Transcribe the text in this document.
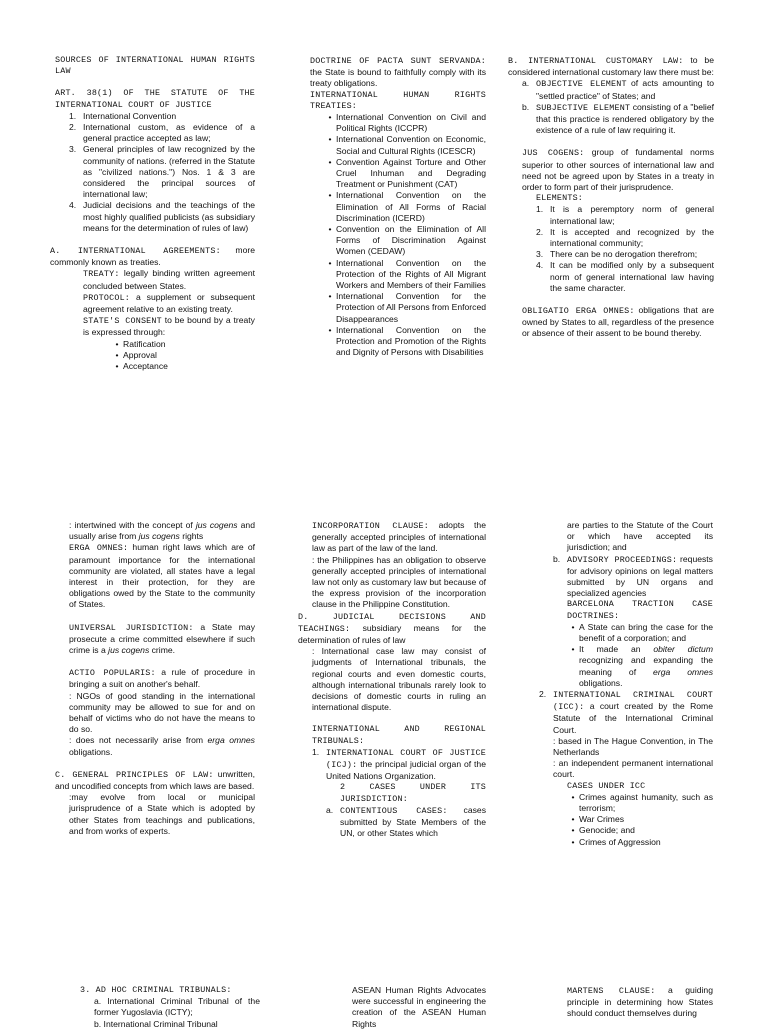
SOURCES OF INTERNATIONAL HUMAN RIGHTS LAW

ART. 38(1) OF THE STATUTE OF THE INTERNATIONAL COURT OF JUSTICE

1. International Convention
2. International custom, as evidence of a general practice accepted as law;
3. General principles of law recognized by the community of nations. (referred in the Statute as "civilized nations.") Nos. 1 & 3 are considered the principal sources of international law;
4. Judicial decisions and the teachings of the most highly qualified publicists (as subsidiary means for the determination of rules of law)

A. INTERNATIONAL AGREEMENTS: more commonly known as treaties.

TREATY: legally binding written agreement concluded between States.

PROTOCOL: a supplement or subsequent agreement relative to an existing treaty.

STATE'S CONSENT to be bound by a treaty is expressed through:

• Ratification
• Approval
• Acceptance

DOCTRINE OF PACTA SUNT SERVANDA: the State is bound to faithfully comply with its treaty obligations.

INTERNATIONAL HUMAN RIGHTS TREATIES:

• International Convention on Civil and Political Rights (ICCPR)
• International Convention on Economic, Social and Cultural Rights (ICESCR)
• Convention Against Torture and Other Cruel Inhuman and Degrading Treatment or Punishment (CAT)
• International Convention on the Elimination of All Forms of Racial Discrimination (ICERD)
• Convention on the Elimination of All Forms of Discrimination Against Women (CEDAW)
• International Convention on the Protection of the Rights of All Migrant Workers and Members of their Families
• International Convention for the Protection of All Persons from Enforced Disappearances
• International Convention on the Protection and Promotion of the Rights and Dignity of Persons with Disabilities

B. INTERNATIONAL CUSTOMARY LAW: to be considered international customary law there must be:

a. OBJECTIVE ELEMENT of acts amounting to "settled practice" of States; and
b. SUBJECTIVE ELEMENT consisting of a "belief that this practice is rendered obligatory by the existence of a rule of law requiring it.

JUS COGENS: group of fundamental norms superior to other sources of international law and need not be agreed upon by States in a treaty in order to form part of their jurisprudence.

ELEMENTS:

1. It is a peremptory norm of general international law;
2. It is accepted and recognized by the international community;
3. There can be no derogation therefrom;
4. It can be modified only by a subsequent norm of general international law having the same character.

OBLIGATIO ERGA OMNES: obligations that are owned by States to all, regardless of the presence or absence of their assent to be bound thereby.

: intertwined with the concept of jus cogens and usually arise from jus cogens rights

ERGA OMNES: human right laws which are of paramount importance for the international community are violated, all states have a legal interest in their protection, for they are obligations owed by the State to the community of States.

UNIVERSAL JURISDICTION: a State may prosecute a crime committed elsewhere if such crime is a jus cogens crime.

ACTIO POPULARIS: a rule of procedure in bringing a suit on another's behalf.

: NGOs of good standing in the international community may be allowed to sue for and on behalf of victims who do not have the means to do so.

: does not necessarily arise from erga omnes obligations.

C. GENERAL PRINCIPLES OF LAW: unwritten, and uncodified concepts from which laws are based.

:may evolve from local or municipal jurisprudence of a State which is adopted by other States from teachings and publications, and from works of experts.

INCORPORATION CLAUSE: adopts the generally accepted principles of international law as part of the law of the land.

: the Philippines has an obligation to observe generally accepted principles of international law not only as customary law but because of the express provision of the incorporation clause in the Philippine Constitution.

D. JUDICIAL DECISIONS AND TEACHINGS: subsidiary means for the determination of rules of law

: International case law may consist of judgments of International tribunals, the regional courts and even domestic courts, although international tribunals rarely look to decisions of domestic courts in ruling an international dispute.

INTERNATIONAL AND REGIONAL TRIBUNALS:

1. INTERNATIONAL COURT OF JUSTICE (ICJ): the principal judicial organ of the United Nations Organization.

2 CASES UNDER ITS JURISDICTION:

a. CONTENTIOUS CASES: cases submitted by State Members of the UN, or other States which

are parties to the Statute of the Court or which have accepted its jurisdiction; and

b. ADVISORY PROCEEDINGS: requests for advisory opinions on legal matters submitted by UN organs and specialized agencies

BARCELONA TRACTION CASE DOCTRINES:

• A State can bring the case for the benefit of a corporation; and
• It made an obiter dictum recognizing and expanding the meaning of erga omnes obligations.
2. INTERNATIONAL CRIMINAL COURT (ICC): a court created by the Rome Statute of the International Criminal Court.

: based in The Hague Convention, in The Netherlands

: an independent permanent international court.

CASES UNDER ICC

• Crimes against humanity, such as terrorism;
• War Crimes
• Genocide; and
• Crimes of Aggression

3. AD HOC CRIMINAL TRIBUNALS:

a. International Criminal Tribunal of the former Yugoslavia (ICTY);

b. International Criminal Tribunal

ASEAN Human Rights Advocates were successful in engineering the creation of the ASEAN Human Rights

MARTENS CLAUSE: a guiding principle in determining how States should conduct themselves during
